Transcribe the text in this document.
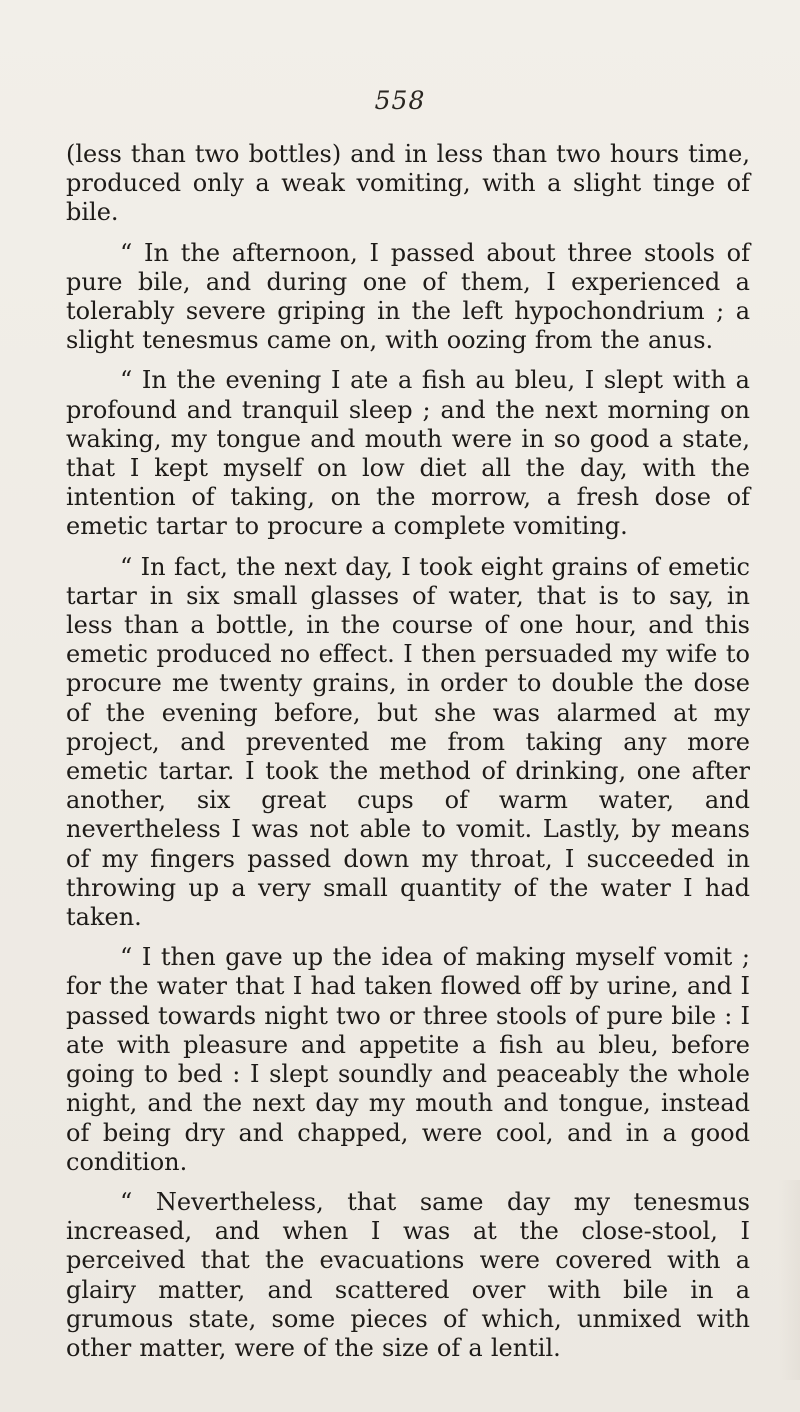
558

(less than two bottles) and in less than two hours time, produced only a weak vomiting, with a slight tinge of bile.

“ In the afternoon, I passed about three stools of pure bile, and during one of them, I experienced a tolerably severe griping in the left hypochondrium ; a slight tenesmus came on, with oozing from the anus.

“ In the evening I ate a fish au bleu, I slept with a profound and tranquil sleep ; and the next morning on waking, my tongue and mouth were in so good a state, that I kept myself on low diet all the day, with the intention of taking, on the morrow, a fresh dose of emetic tartar to procure a complete vomiting.

“ In fact, the next day, I took eight grains of emetic tartar in six small glasses of water, that is to say, in less than a bottle, in the course of one hour, and this emetic produced no effect. I then persuaded my wife to procure me twenty grains, in order to double the dose of the evening before, but she was alarmed at my project, and prevented me from taking any more emetic tartar. I took the method of drinking, one after another, six great cups of warm water, and nevertheless I was not able to vomit. Lastly, by means of my fingers passed down my throat, I succeeded in throwing up a very small quantity of the water I had taken.

“ I then gave up the idea of making myself vomit ; for the water that I had taken flowed off by urine, and I passed towards night two or three stools of pure bile : I ate with pleasure and appetite a fish au bleu, before going to bed : I slept soundly and peaceably the whole night, and the next day my mouth and tongue, instead of being dry and chapped, were cool, and in a good condition.

“ Nevertheless, that same day my tenesmus increased, and when I was at the close-stool, I perceived that the evacuations were covered with a glairy matter, and scattered over with bile in a grumous state, some pieces of which, unmixed with other matter, were of the size of a lentil.
